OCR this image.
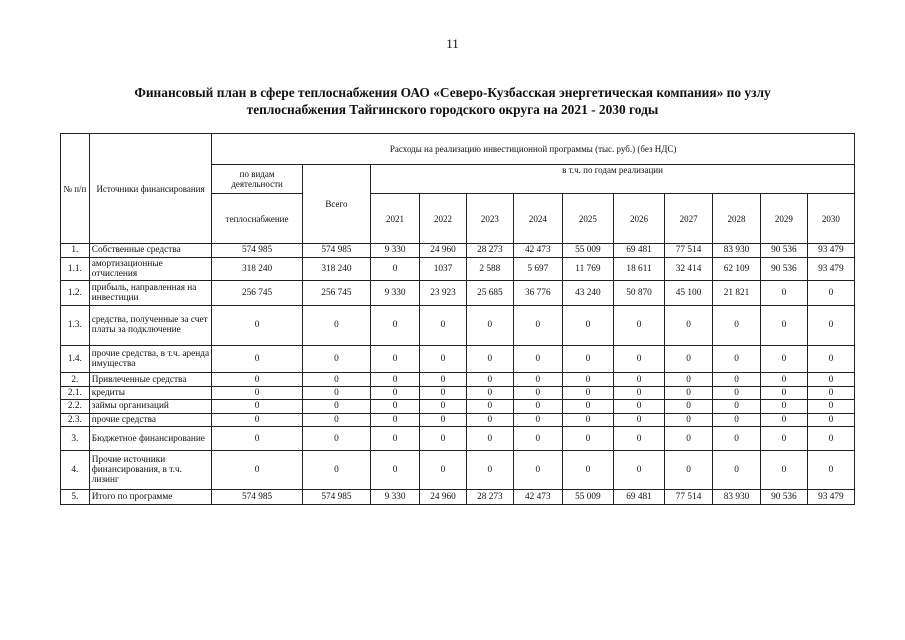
11
Финансовый план в сфере теплоснабжения ОАО «Северо-Кузбасская энергетическая компания» по узлу
теплоснабжения Тайгинского городского округа на 2021 - 2030 годы
№ п/п	Источники финансирования	Расходы на реализацию инвестиционной программы (тыс. руб.) (без НДС)											
		по видам деятельности	Всего	в т.ч. по годам реализации									
		теплоснабжение		2021	2022	2023	2024	2025	2026	2027	2028	2029	2030
1.	Собственные средства	574 985	574 985	9 330	24 960	28 273	42 473	55 009	69 481	77 514	83 930	90 536	93 479
1.1.	амортизационные отчисления	318 240	318 240	0	1037	2 588	5 697	11 769	18 611	32 414	62 109	90 536	93 479
1.2.	прибыль, направленная на инвестиции	256 745	256 745	9 330	23 923	25 685	36 776	43 240	50 870	45 100	21 821	0	0
1.3.	средства, полученные за счет платы за подключение	0	0	0	0	0	0	0	0	0	0	0	0
1.4.	прочие средства, в т.ч. аренда имущества	0	0	0	0	0	0	0	0	0	0	0	0
2.	Привлеченные средства	0	0	0	0	0	0	0	0	0	0	0	0
2.1.	кредиты	0	0	0	0	0	0	0	0	0	0	0	0
2.2.	займы организаций	0	0	0	0	0	0	0	0	0	0	0	0
2.3.	прочие средства	0	0	0	0	0	0	0	0	0	0	0	0
3.	Бюджетное финансирование	0	0	0	0	0	0	0	0	0	0	0	0
4.	Прочие источники финансирования, в т.ч. лизинг	0	0	0	0	0	0	0	0	0	0	0	0
5.	Итого по программе	574 985	574 985	9 330	24 960	28 273	42 473	55 009	69 481	77 514	83 930	90 536	93 479
